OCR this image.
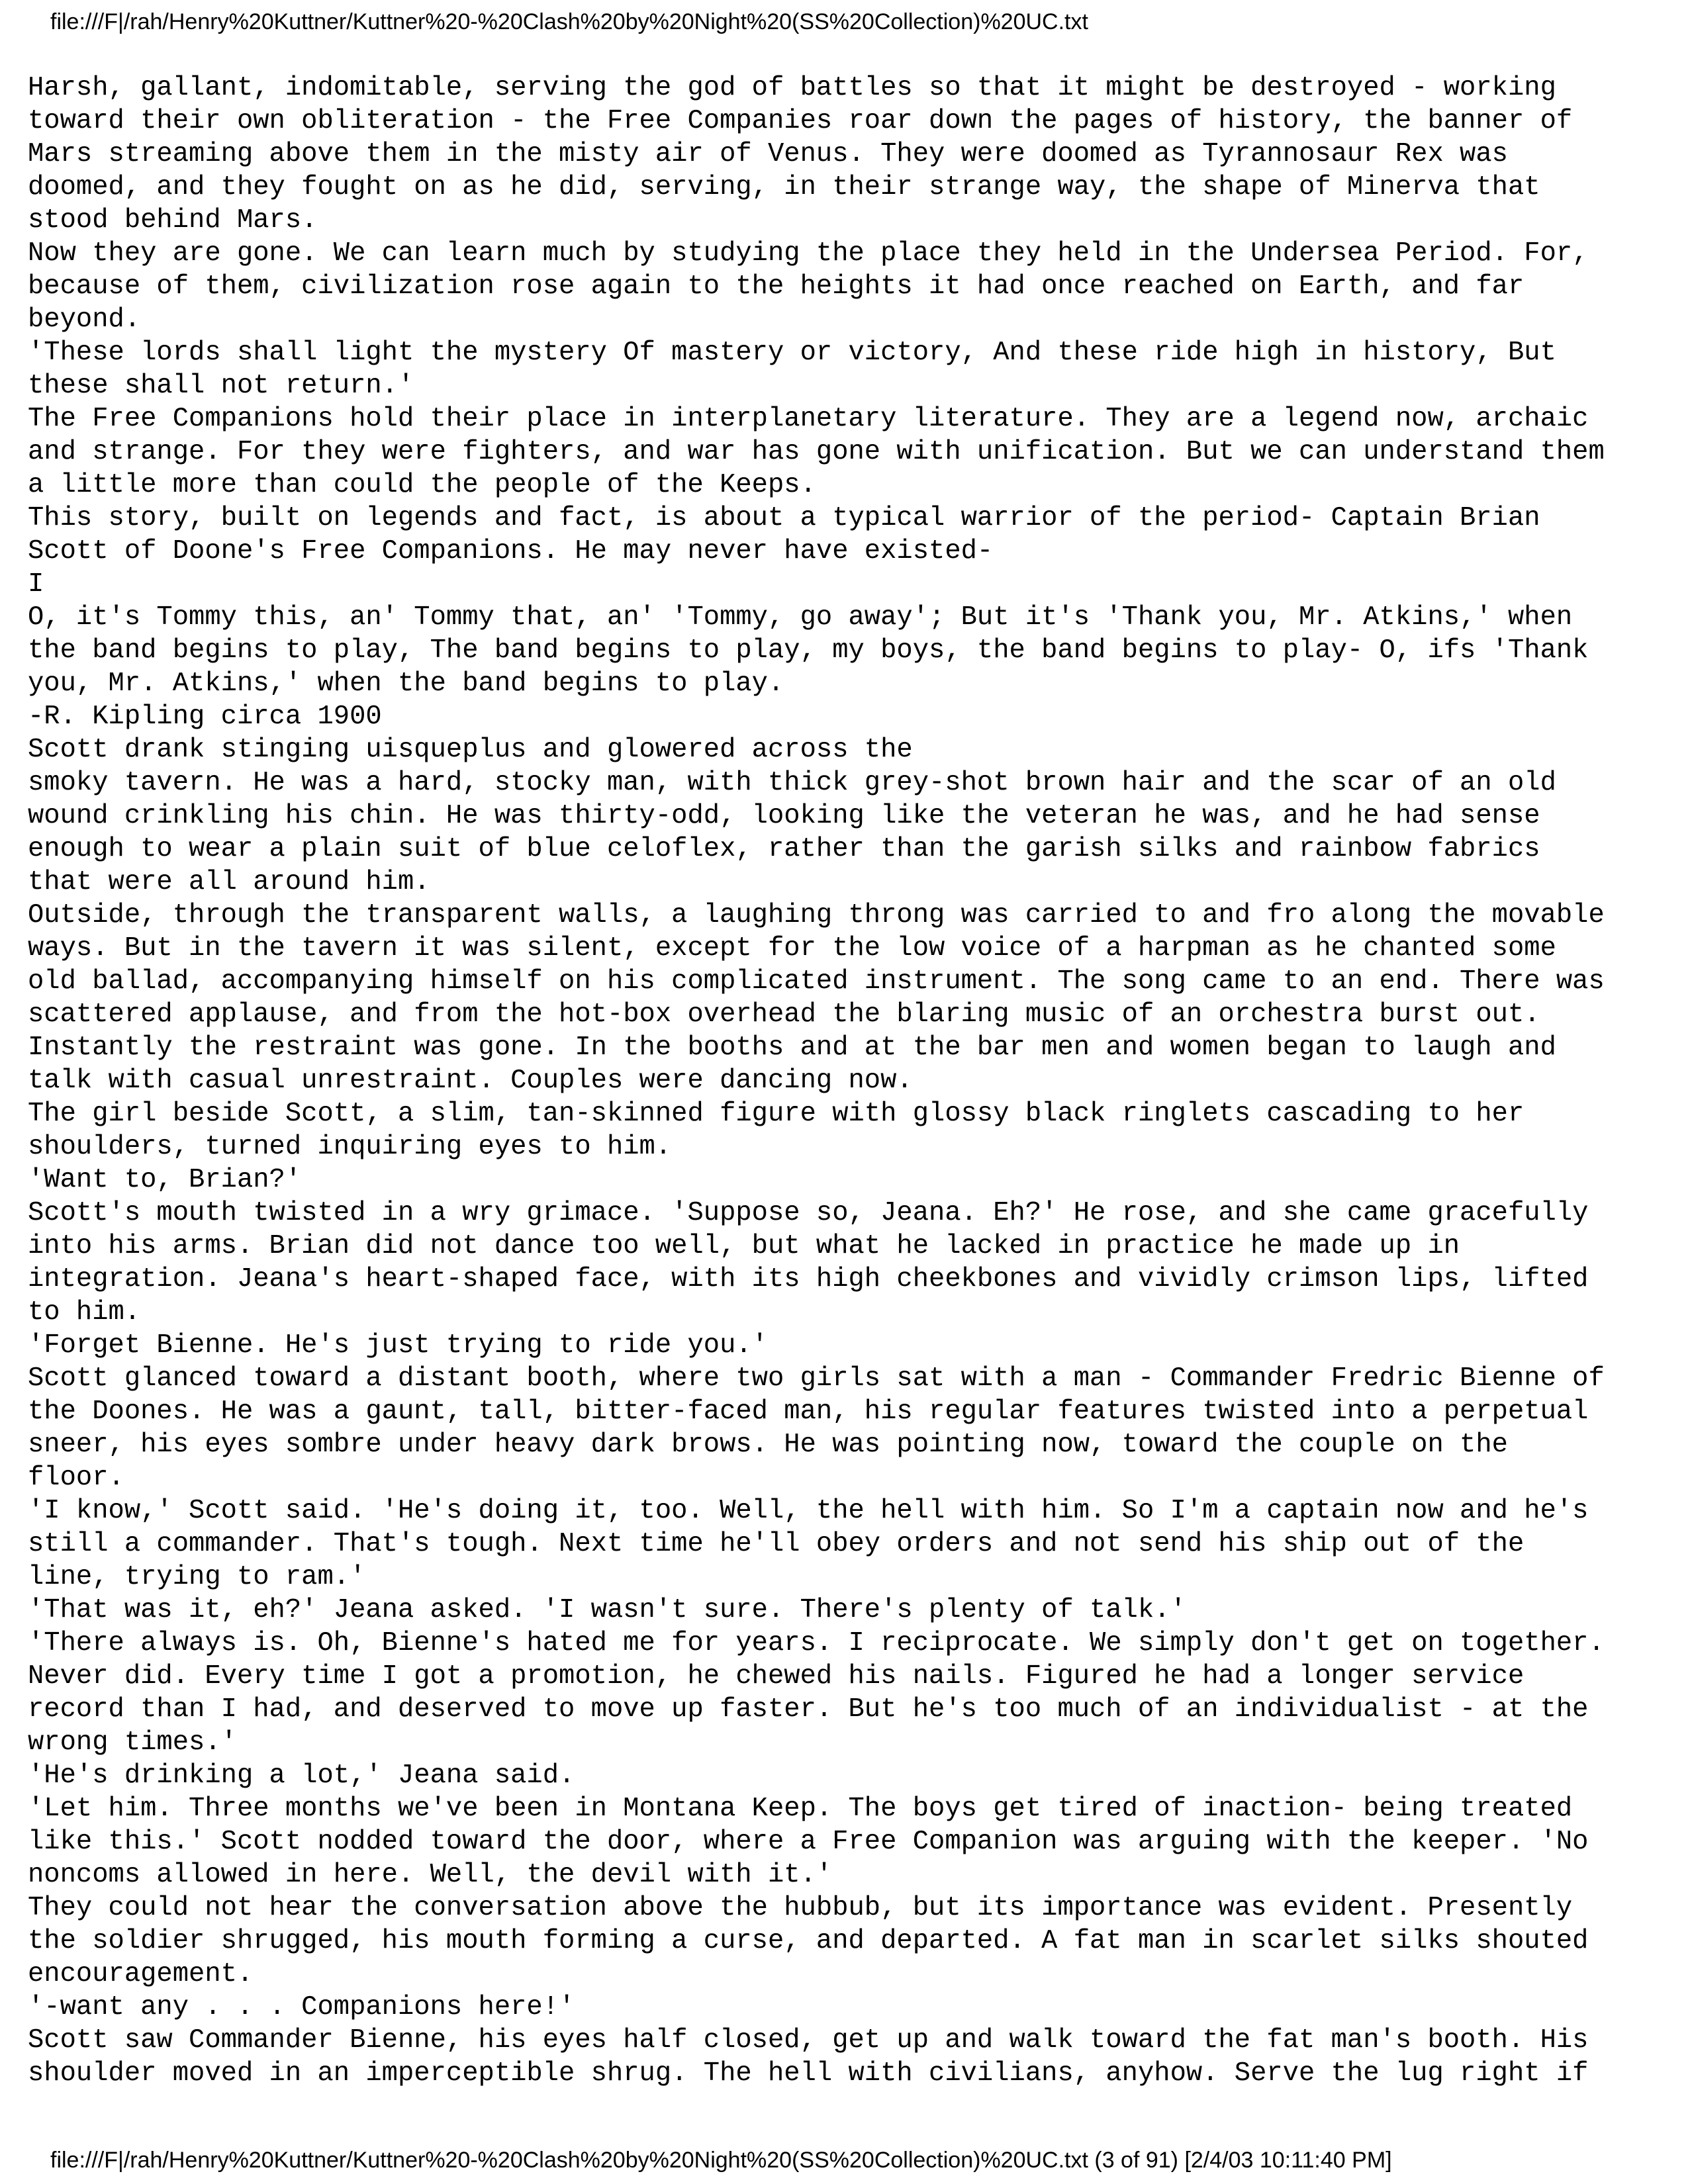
file:///F|/rah/Henry%20Kuttner/Kuttner%20-%20Clash%20by%20Night%20(SS%20Collection)%20UC.txt
Harsh, gallant, indomitable, serving the god of battles so that it might be destroyed - working
toward their own obliteration - the Free Companies roar down the pages of history, the banner of
Mars streaming above them in the misty air of Venus. They were doomed as Tyrannosaur Rex was
doomed, and they fought on as he did, serving, in their strange way, the shape of Minerva that
stood behind Mars.
Now they are gone. We can learn much by studying the place they held in the Undersea Period. For,
because of them, civilization rose again to the heights it had once reached on Earth, and far
beyond.
'These lords shall light the mystery Of mastery or victory, And these ride high in history, But
these shall not return.'
The Free Companions hold their place in interplanetary literature. They are a legend now, archaic
and strange. For they were fighters, and war has gone with unification. But we can understand them
a little more than could the people of the Keeps.
This story, built on legends and fact, is about a typical warrior of the period- Captain Brian
Scott of Doone's Free Companions. He may never have existed-
I
O, it's Tommy this, an' Tommy that, an' 'Tommy, go away'; But it's 'Thank you, Mr. Atkins,' when
the band begins to play, The band begins to play, my boys, the band begins to play- O, ifs 'Thank
you, Mr. Atkins,' when the band begins to play.
-R. Kipling circa 1900
Scott drank stinging uisqueplus and glowered across the
smoky tavern. He was a hard, stocky man, with thick grey-shot brown hair and the scar of an old
wound crinkling his chin. He was thirty-odd, looking like the veteran he was, and he had sense
enough to wear a plain suit of blue celoflex, rather than the garish silks and rainbow fabrics
that were all around him.
Outside, through the transparent walls, a laughing throng was carried to and fro along the movable
ways. But in the tavern it was silent, except for the low voice of a harpman as he chanted some
old ballad, accompanying himself on his complicated instrument. The song came to an end. There was
scattered applause, and from the hot-box overhead the blaring music of an orchestra burst out.
Instantly the restraint was gone. In the booths and at the bar men and women began to laugh and
talk with casual unrestraint. Couples were dancing now.
The girl beside Scott, a slim, tan-skinned figure with glossy black ringlets cascading to her
shoulders, turned inquiring eyes to him.
'Want to, Brian?'
Scott's mouth twisted in a wry grimace. 'Suppose so, Jeana. Eh?' He rose, and she came gracefully
into his arms. Brian did not dance too well, but what he lacked in practice he made up in
integration. Jeana's heart-shaped face, with its high cheekbones and vividly crimson lips, lifted
to him.
'Forget Bienne. He's just trying to ride you.'
Scott glanced toward a distant booth, where two girls sat with a man - Commander Fredric Bienne of
the Doones. He was a gaunt, tall, bitter-faced man, his regular features twisted into a perpetual
sneer, his eyes sombre under heavy dark brows. He was pointing now, toward the couple on the
floor.
'I know,' Scott said. 'He's doing it, too. Well, the hell with him. So I'm a captain now and he's
still a commander. That's tough. Next time he'll obey orders and not send his ship out of the
line, trying to ram.'
'That was it, eh?' Jeana asked. 'I wasn't sure. There's plenty of talk.'
'There always is. Oh, Bienne's hated me for years. I reciprocate. We simply don't get on together.
Never did. Every time I got a promotion, he chewed his nails. Figured he had a longer service
record than I had, and deserved to move up faster. But he's too much of an individualist - at the
wrong times.'
'He's drinking a lot,' Jeana said.
'Let him. Three months we've been in Montana Keep. The boys get tired of inaction- being treated
like this.' Scott nodded toward the door, where a Free Companion was arguing with the keeper. 'No
noncoms allowed in here. Well, the devil with it.'
They could not hear the conversation above the hubbub, but its importance was evident. Presently
the soldier shrugged, his mouth forming a curse, and departed. A fat man in scarlet silks shouted
encouragement.
'-want any . . . Companions here!'
Scott saw Commander Bienne, his eyes half closed, get up and walk toward the fat man's booth. His
shoulder moved in an imperceptible shrug. The hell with civilians, anyhow. Serve the lug right if
file:///F|/rah/Henry%20Kuttner/Kuttner%20-%20Clash%20by%20Night%20(SS%20Collection)%20UC.txt (3 of 91) [2/4/03 10:11:40 PM]
